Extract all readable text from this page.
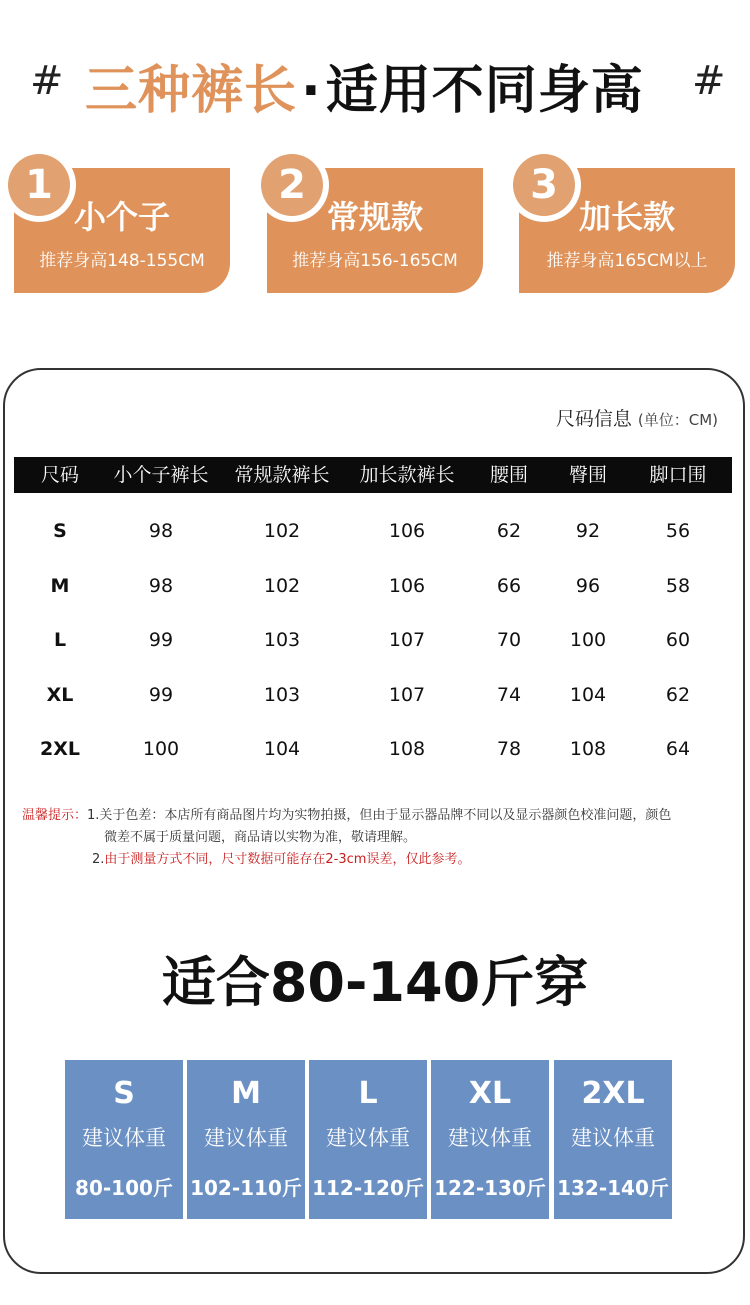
# 三种裤长·适用不同身高 #
1
小个子
推荐身高148-155CM
2
常规款
推荐身高156-165CM
3
加长款
推荐身高165CM以上
尺码信息 (单位：CM)
尺码	小个子裤长	常规款裤长	加长款裤长	腰围	臀围	脚口围
S	98	102	106	62	92	56
M	98	102	106	66	96	58
L	99	103	107	70	100	60
XL	99	103	107	74	104	62
2XL	100	104	108	78	108	64
温馨提示：1.关于色差：本店所有商品图片均为实物拍摄，但由于显示器品牌不同以及显示器颜色校准问题，颜色
微差不属于质量问题，商品请以实物为准，敬请理解。
2.由于测量方式不同，尺寸数据可能存在2-3cm误差，仅此参考。
适合80-140斤穿
S
建议体重
80-100斤
M
建议体重
102-110斤
L
建议体重
112-120斤
XL
建议体重
122-130斤
2XL
建议体重
132-140斤
